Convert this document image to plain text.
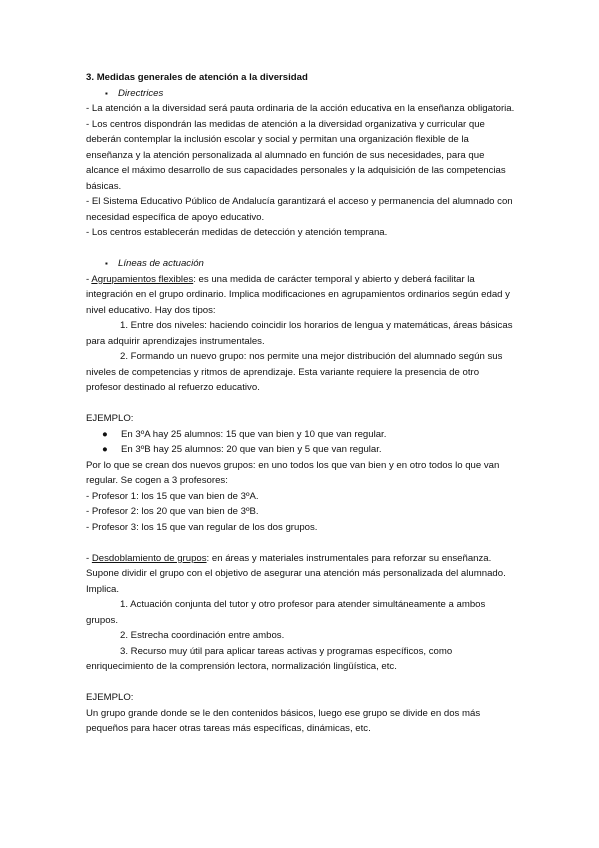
3. Medidas generales de atención a la diversidad

▪ Directrices

- La atención a la diversidad será pauta ordinaria de la acción educativa en la enseñanza obligatoria.

- Los centros dispondrán las medidas de atención a la diversidad organizativa y curricular que deberán contemplar la inclusión escolar y social y permitan una organización flexible de la enseñanza y la atención personalizada al alumnado en función de sus necesidades, para que alcance el máximo desarrollo de sus capacidades personales y la adquisición de las competencias básicas.

- El Sistema Educativo Público de Andalucía garantizará el acceso y permanencia del alumnado con necesidad específica de apoyo educativo.

- Los centros establecerán medidas de detección y atención temprana.

▪ Líneas de actuación

- Agrupamientos flexibles: es una medida de carácter temporal y abierto y deberá facilitar la integración en el grupo ordinario. Implica modificaciones en agrupamientos ordinarios según edad y nivel educativo. Hay dos tipos:

1. Entre dos niveles: haciendo coincidir los horarios de lengua y matemáticas, áreas básicas para adquirir aprendizajes instrumentales.

2. Formando un nuevo grupo: nos permite una mejor distribución del alumnado según sus niveles de competencias y ritmos de aprendizaje. Esta variante requiere la presencia de otro profesor destinado al refuerzo educativo.

EJEMPLO:

● En 3ºA hay 25 alumnos: 15 que van bien y 10 que van regular.

● En 3ºB hay 25 alumnos: 20 que van bien y 5 que van regular.

Por lo que se crean dos nuevos grupos: en uno todos los que van bien y en otro todos lo que van regular. Se cogen a 3 profesores:

- Profesor 1: los 15 que van bien de 3ºA.

- Profesor 2: los 20 que van bien de 3ºB.

- Profesor 3: los 15 que van regular de los dos grupos.

- Desdoblamiento de grupos: en áreas y materiales instrumentales para reforzar su enseñanza. Supone dividir el grupo con el objetivo de asegurar una atención más personalizada del alumnado. Implica.

1. Actuación conjunta del tutor y otro profesor para atender simultáneamente a ambos grupos.

2. Estrecha coordinación entre ambos.

3. Recurso muy útil para aplicar tareas activas y programas específicos, como enriquecimiento de la comprensión lectora, normalización lingüística, etc.

EJEMPLO:

Un grupo grande donde se le den contenidos básicos, luego ese grupo se divide en dos más pequeños para hacer otras tareas más específicas, dinámicas, etc.
